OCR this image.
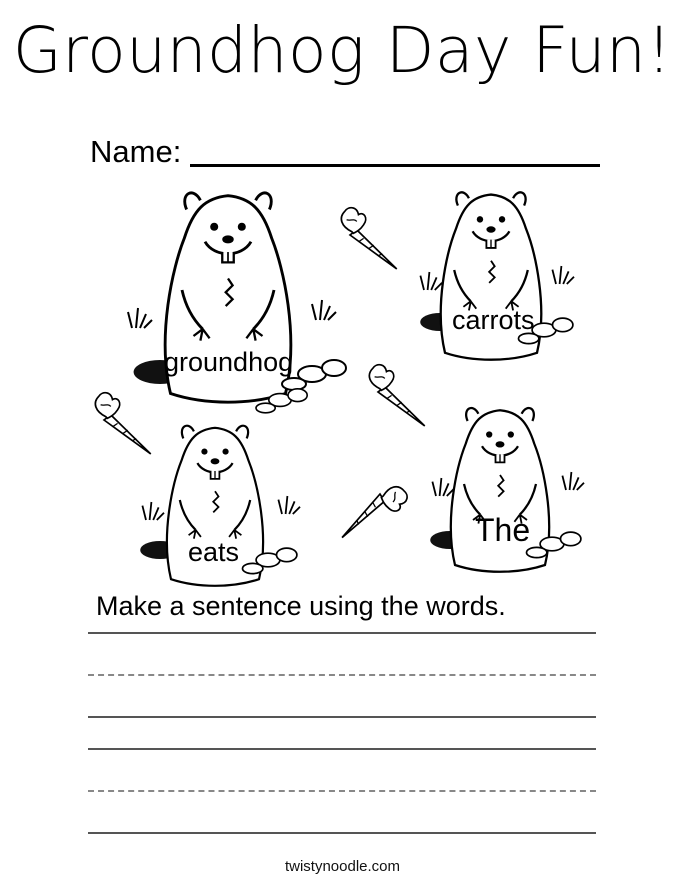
Groundhog Day Fun!
Name:
groundhog
carrots
eats
The
Make a sentence using the words.
twistynoodle.com
